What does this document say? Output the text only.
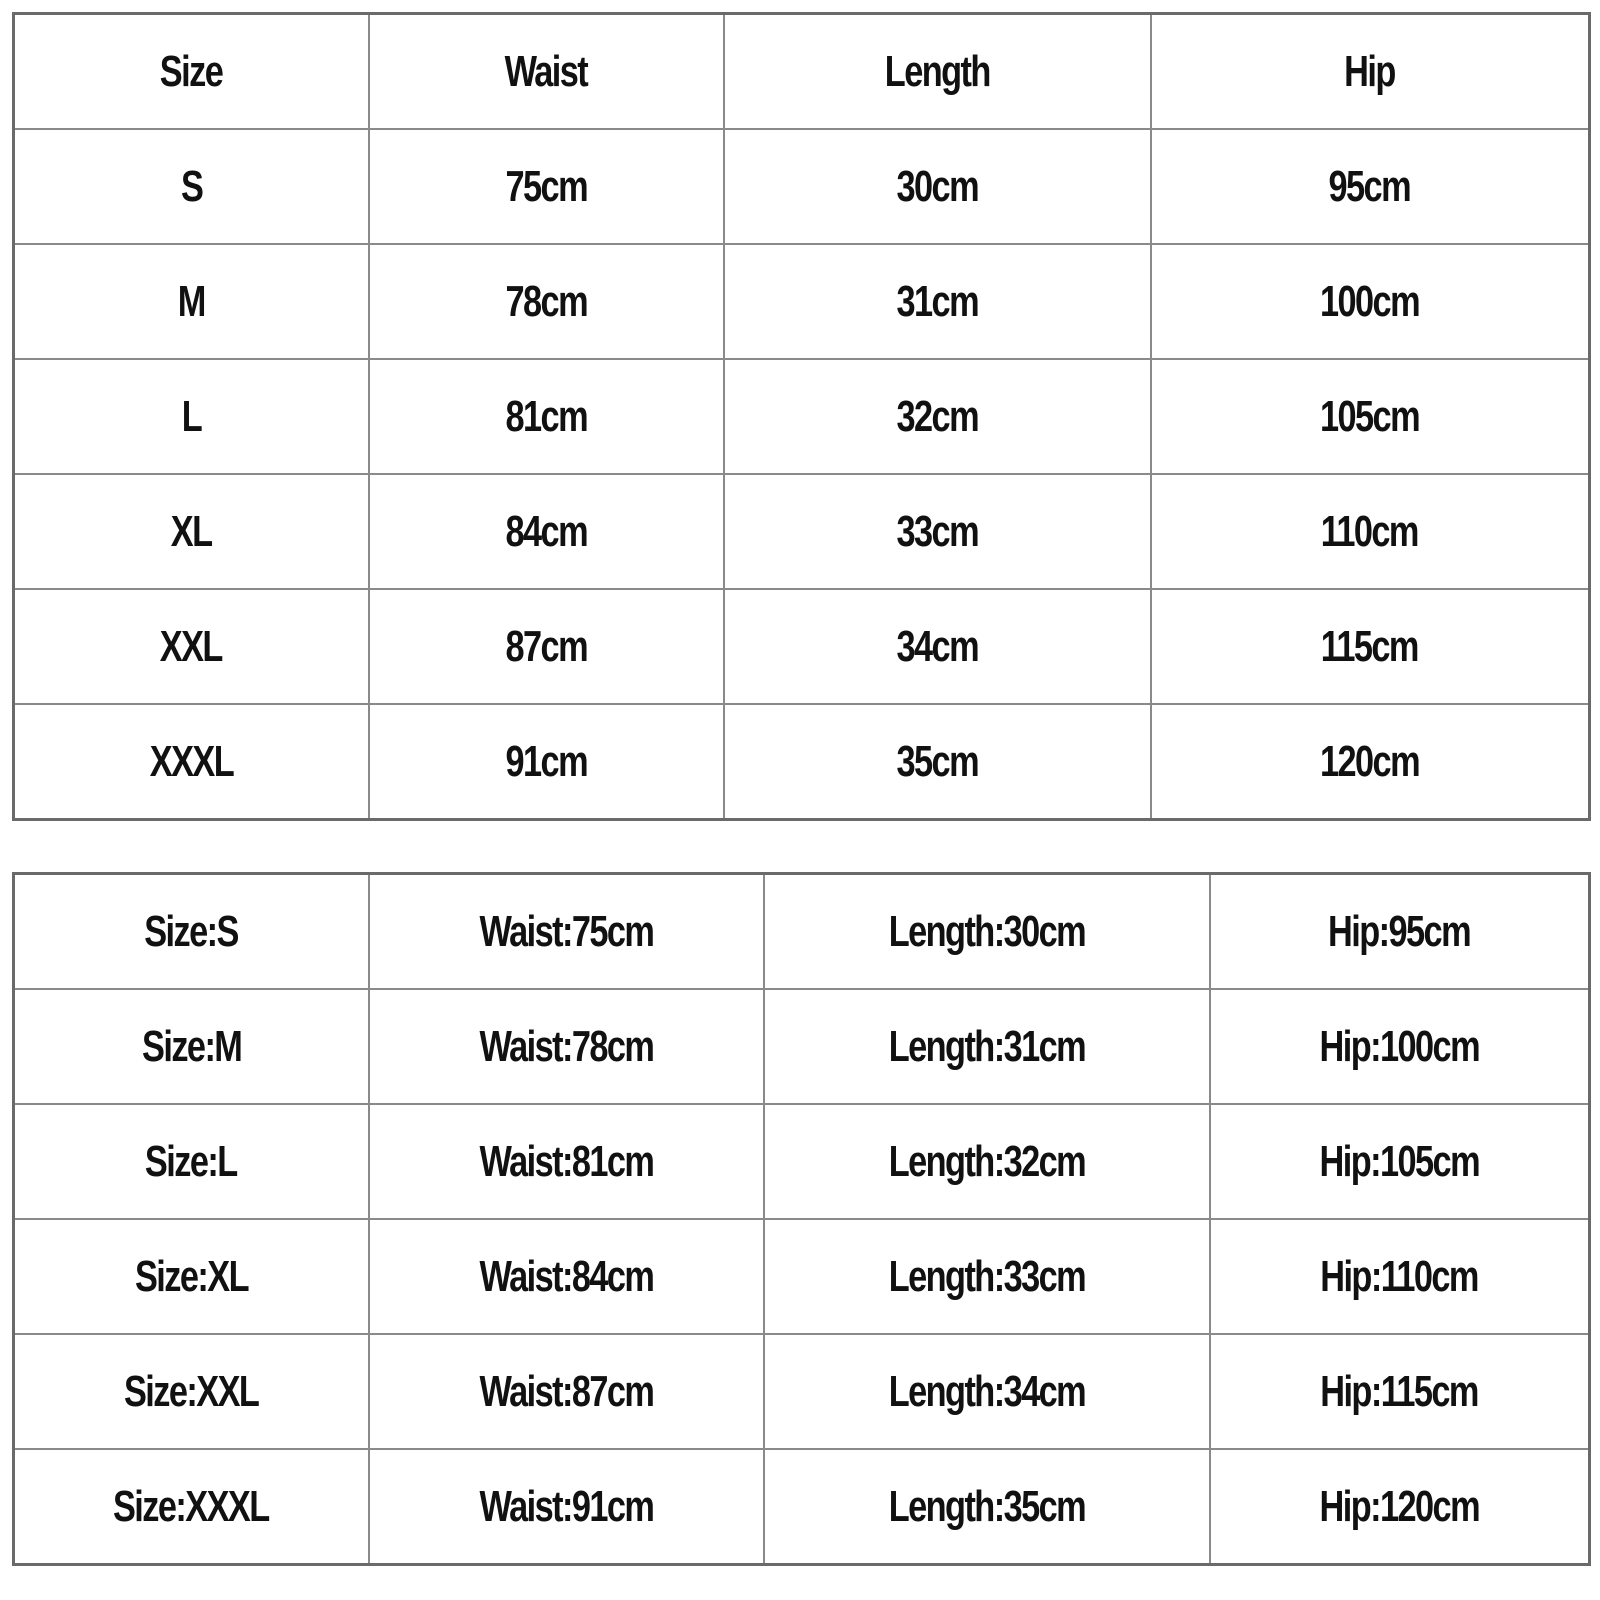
Size	Waist	Length	Hip
S	75cm	30cm	95cm
M	78cm	31cm	100cm
L	81cm	32cm	105cm
XL	84cm	33cm	110cm
XXL	87cm	34cm	115cm
XXXL	91cm	35cm	120cm
Size:S	Waist:75cm	Length:30cm	Hip:95cm
Size:M	Waist:78cm	Length:31cm	Hip:100cm
Size:L	Waist:81cm	Length:32cm	Hip:105cm
Size:XL	Waist:84cm	Length:33cm	Hip:110cm
Size:XXL	Waist:87cm	Length:34cm	Hip:115cm
Size:XXXL	Waist:91cm	Length:35cm	Hip:120cm
